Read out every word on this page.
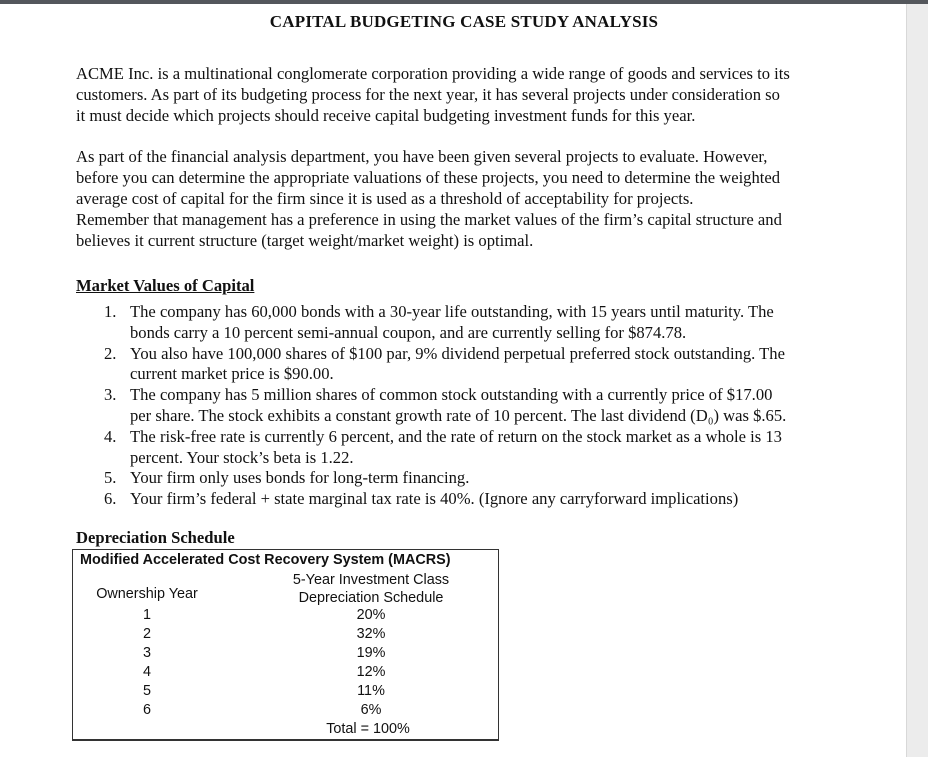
CAPITAL BUDGETING CASE STUDY ANALYSIS

ACME Inc. is a multinational conglomerate corporation providing a wide range of goods and services to its
customers. As part of its budgeting process for the next year, it has several projects under consideration so
it must decide which projects should receive capital budgeting investment funds for this year.

As part of the financial analysis department, you have been given several projects to evaluate. However,
before you can determine the appropriate valuations of these projects, you need to determine the weighted
average cost of capital for the firm since it is used as a threshold of acceptability for projects.
Remember that management has a preference in using the market values of the firm’s capital structure and
believes it current structure (target weight/market weight) is optimal.

Market Values of Capital
1. The company has 60,000 bonds with a 30-year life outstanding, with 15 years until maturity. The
bonds carry a 10 percent semi-annual coupon, and are currently selling for $874.78.
2. You also have 100,000 shares of $100 par, 9% dividend perpetual preferred stock outstanding. The
current market price is $90.00.
3. The company has 5 million shares of common stock outstanding with a currently price of $17.00
per share. The stock exhibits a constant growth rate of 10 percent. The last dividend (D₀) was $.65.
4. The risk-free rate is currently 6 percent, and the rate of return on the stock market as a whole is 13
percent. Your stock’s beta is 1.22.
5. Your firm only uses bonds for long-term financing.
6. Your firm’s federal + state marginal tax rate is 40%. (Ignore any carryforward implications)
Depreciation Schedule
Modified Accelerated Cost Recovery System (MACRS)
5-Year Investment Class
Depreciation Schedule
Ownership Year
1	20%
2	32%
3	19%
4	12%
5	11%
6	6%
Total = 100%
